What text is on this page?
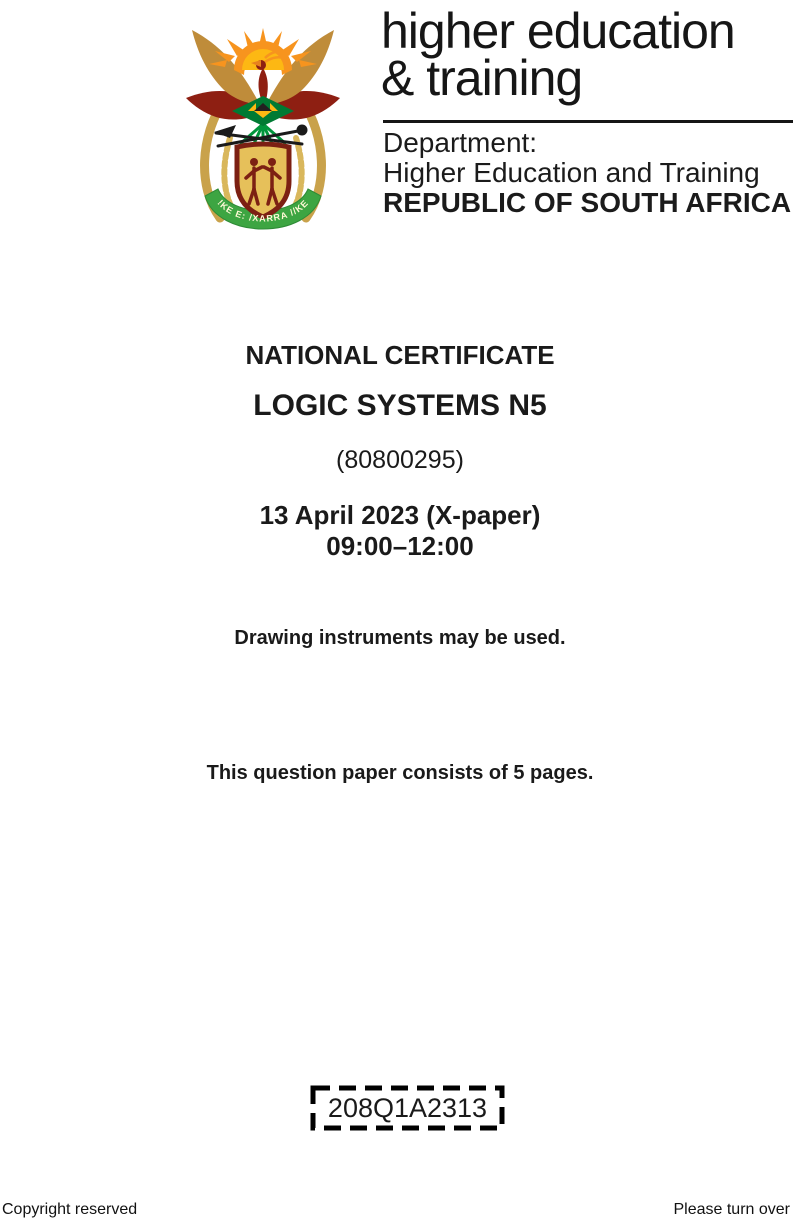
!KE E: /XARRA //KE
higher education
& training
Department:
Higher Education and Training
REPUBLIC OF SOUTH AFRICA
NATIONAL CERTIFICATE
LOGIC SYSTEMS N5
(80800295)
13 April 2023 (X-paper)
09:00–12:00
Drawing instruments may be used.
This question paper consists of 5 pages.
208Q1A2313
Copyright reserved	Please turn over
